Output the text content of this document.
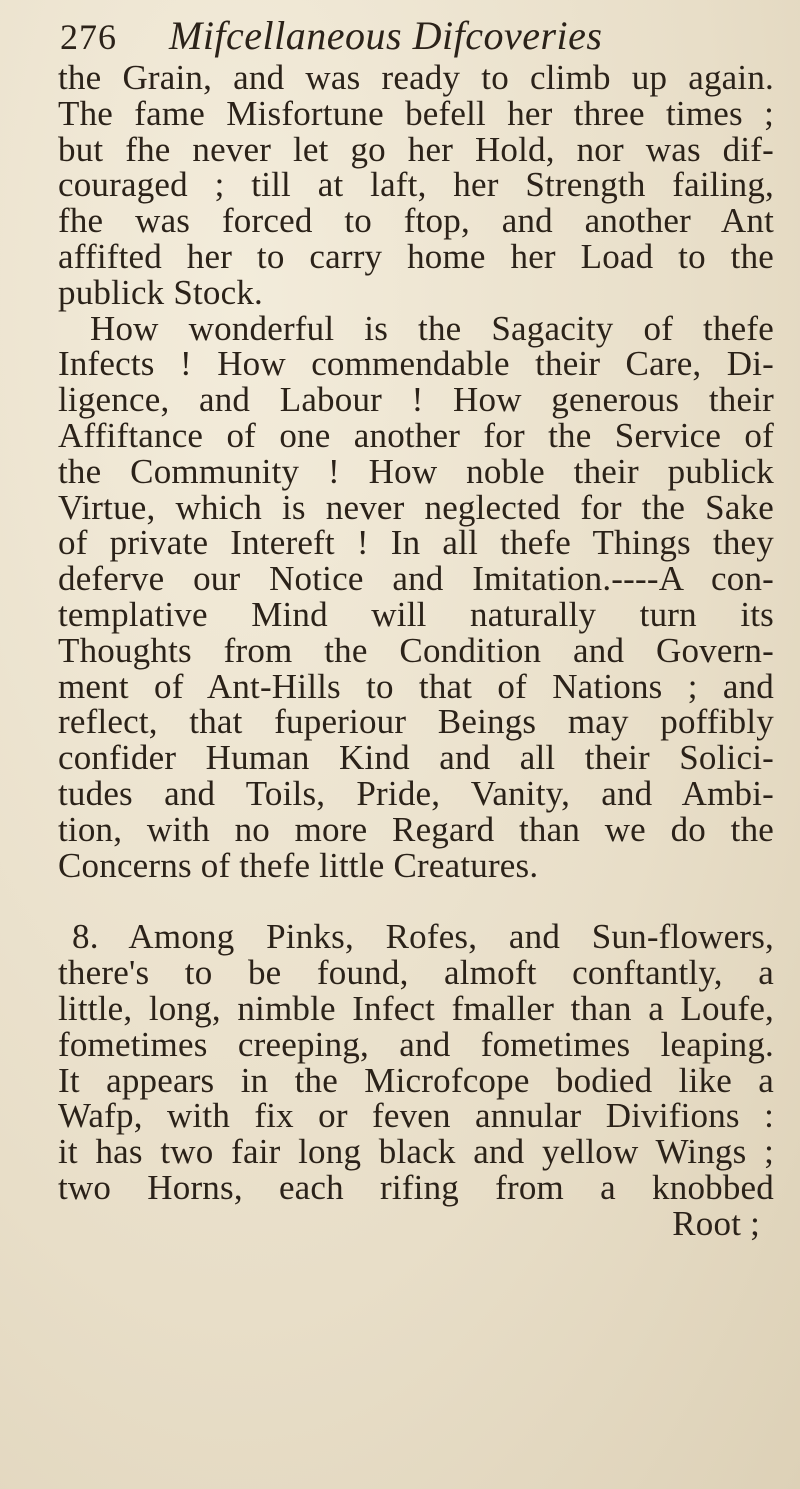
276 Mifcellaneous Difcoveries
the Grain, and was ready to climb up again.
The fame Misfortune befell her three times ;
but fhe never let go her Hold, nor was dif-
couraged ; till at laft, her Strength failing,
fhe was forced to ftop, and another Ant
affifted her to carry home her Load to the
publick Stock.
How wonderful is the Sagacity of thefe
Infects ! How commendable their Care, Di-
ligence, and Labour ! How generous their
Affiftance of one another for the Service of
the Community ! How noble their publick
Virtue, which is never neglected for the Sake
of private Intereft ! In all thefe Things they
deferve our Notice and Imitation.----A con-
templative Mind will naturally turn its
Thoughts from the Condition and Govern-
ment of Ant-Hills to that of Nations ; and
reflect, that fuperiour Beings may poffibly
confider Human Kind and all their Solici-
tudes and Toils, Pride, Vanity, and Ambi-
tion, with no more Regard than we do the
Concerns of thefe little Creatures.
8. Among Pinks, Rofes, and Sun-flowers,
there's to be found, almoft conftantly, a
little, long, nimble Infect fmaller than a Loufe,
fometimes creeping, and fometimes leaping.
It appears in the Microfcope bodied like a
Wafp, with fix or feven annular Divifions :
it has two fair long black and yellow Wings ;
two Horns, each rifing from a knobbed
Root ;
